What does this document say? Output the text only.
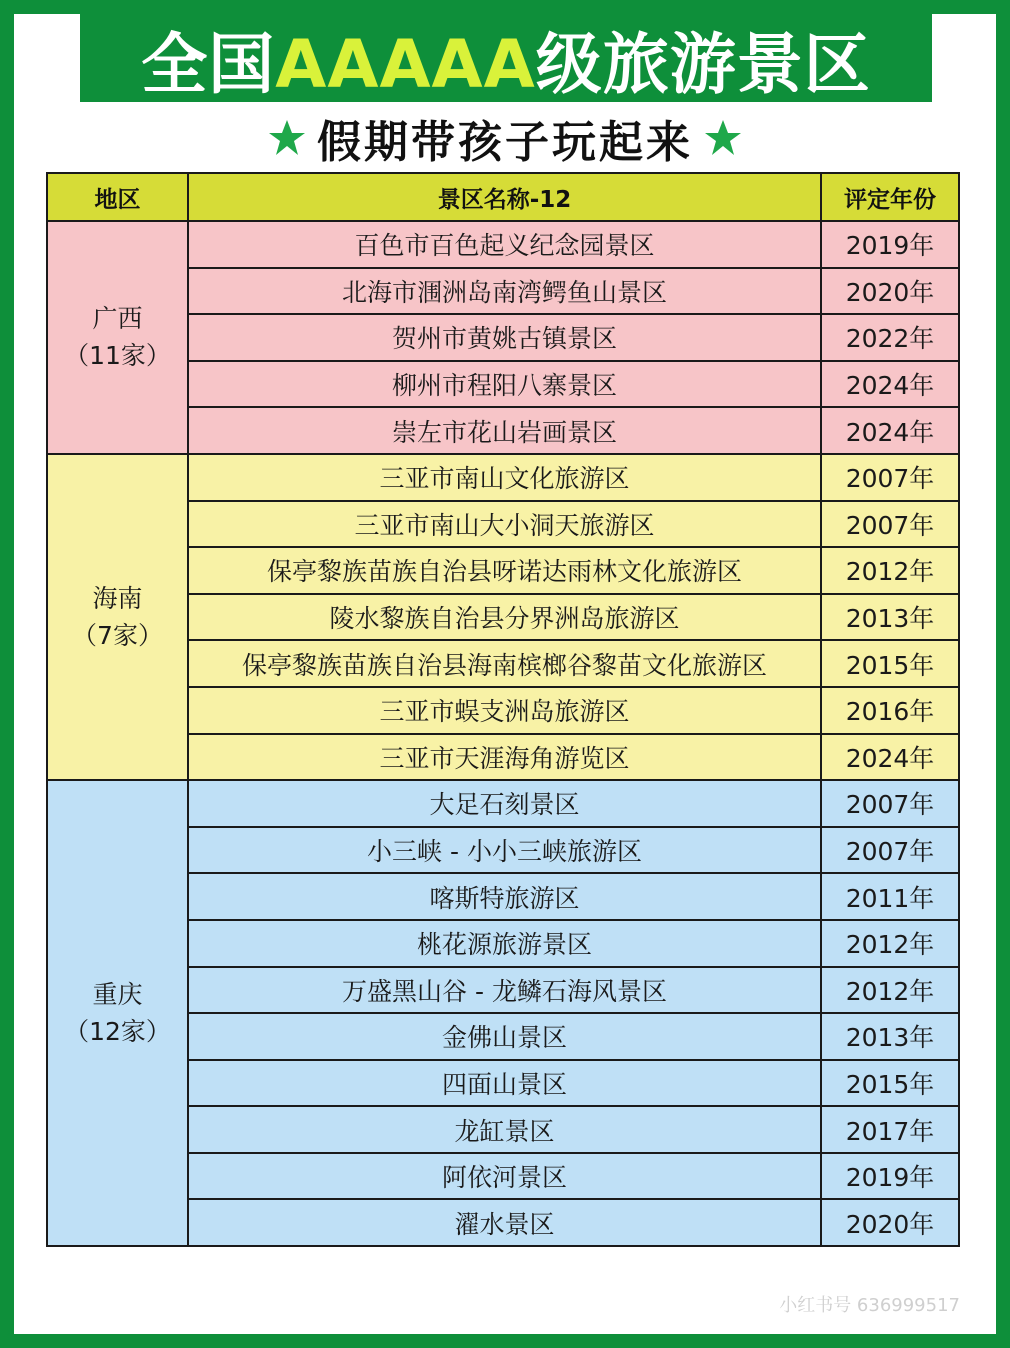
全国AAAAA级旅游景区
假期带孩子玩起来
地区	景区名称-12	评定年份

广西
（11家）	百色市百色起义纪念园景区	2019年
	北海市涠洲岛南湾鳄鱼山景区	2020年
	贺州市黄姚古镇景区	2022年
	柳州市程阳八寨景区	2024年
	崇左市花山岩画景区	2024年

海南
（7家）	三亚市南山文化旅游区	2007年
	三亚市南山大小洞天旅游区	2007年
	保亭黎族苗族自治县呀诺达雨林文化旅游区	2012年
	陵水黎族自治县分界洲岛旅游区	2013年
	保亭黎族苗族自治县海南槟榔谷黎苗文化旅游区	2015年
	三亚市蜈支洲岛旅游区	2016年
	三亚市天涯海角游览区	2024年

重庆
（12家）	大足石刻景区	2007年
	小三峡 - 小小三峡旅游区	2007年
	喀斯特旅游区	2011年
	桃花源旅游景区	2012年
	万盛黑山谷 - 龙鳞石海风景区	2012年
	金佛山景区	2013年
	四面山景区	2015年
	龙缸景区	2017年
	阿依河景区	2019年
	濯水景区	2020年
小红书号 636999517
